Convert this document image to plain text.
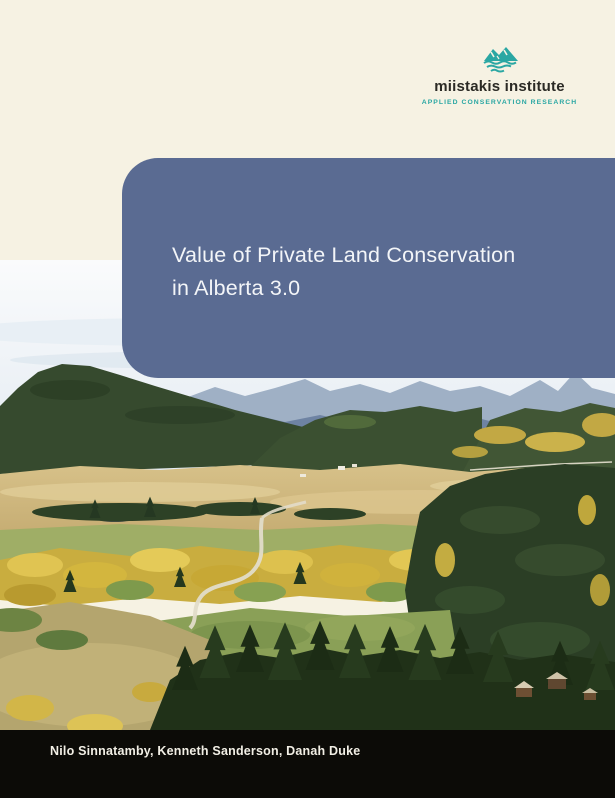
miistakis institute
APPLIED CONSERVATION RESEARCH
Value of Private Land Conservation
in Alberta 3.0
Nilo Sinnatamby, Kenneth Sanderson, Danah Duke
